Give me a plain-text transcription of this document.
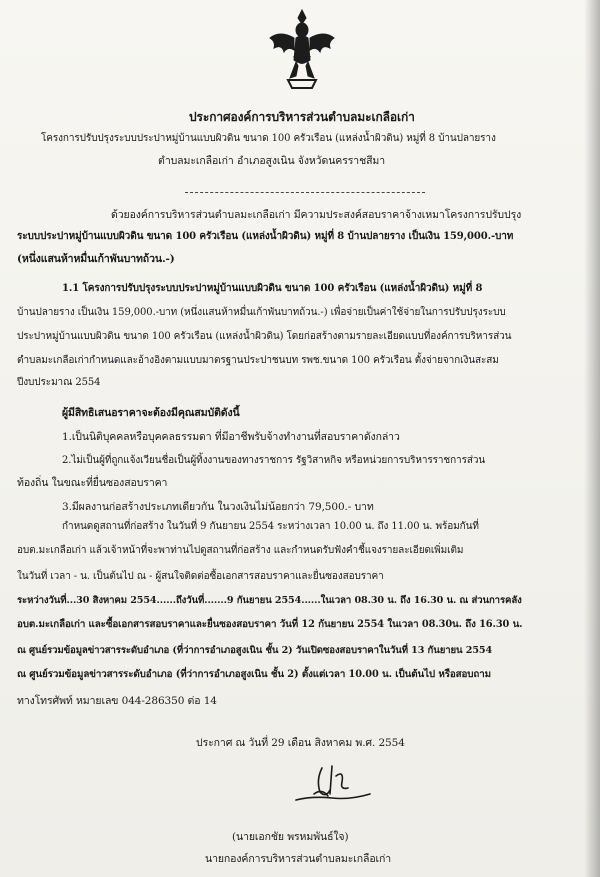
ประกาศองค์การบริหารส่วนตำบลมะเกลือเก่า
โครงการปรับปรุงระบบประปาหมู่บ้านแบบผิวดิน ขนาด 100 ครัวเรือน (แหล่งน้ำผิวดิน) หมู่ที่ 8 บ้านปลายราง
ตำบลมะเกลือเก่า อำเภอสูงเนิน จังหวัดนครราชสีมา
ด้วยองค์การบริหารส่วนตำบลมะเกลือเก่า มีความประสงค์สอบราคาจ้างเหมาโครงการปรับปรุง
ระบบประปาหมู่บ้านแบบผิวดิน ขนาด 100 ครัวเรือน (แหล่งน้ำผิวดิน) หมู่ที่ 8 บ้านปลายราง เป็นเงิน 159,000.-บาท
(หนึ่งแสนห้าหมื่นเก้าพันบาทถ้วน.-)
1.1 โครงการปรับปรุงระบบประปาหมู่บ้านแบบผิวดิน ขนาด 100 ครัวเรือน (แหล่งน้ำผิวดิน) หมู่ที่ 8
บ้านปลายราง เป็นเงิน 159,000.-บาท (หนึ่งแสนห้าหมื่นเก้าพันบาทถ้วน.-) เพื่อจ่ายเป็นค่าใช้จ่ายในการปรับปรุงระบบ
ประปาหมู่บ้านแบบผิวดิน ขนาด 100 ครัวเรือน (แหล่งน้ำผิวดิน) โดยก่อสร้างตามรายละเอียดแบบที่องค์การบริหารส่วน
ตำบลมะเกลือเก่ากำหนดและอ้างอิงตามแบบมาตรฐานประปาชนบท รพช.ขนาด 100 ครัวเรือน ตั้งจ่ายจากเงินสะสม
ปีงบประมาณ 2554
ผู้มีสิทธิเสนอราคาจะต้องมีคุณสมบัติดังนี้
1.เป็นนิติบุคคลหรือบุคคลธรรมดา ที่มีอาชีพรับจ้างทำงานที่สอบราคาดังกล่าว
2.ไม่เป็นผู้ที่ถูกแจ้งเวียนชื่อเป็นผู้ทิ้งงานของทางราชการ รัฐวิสาหกิจ หรือหน่วยการบริหารราชการส่วน
ท้องถิ่น ในขณะที่ยื่นซองสอบราคา
3.มีผลงานก่อสร้างประเภทเดียวกัน ในวงเงินไม่น้อยกว่า 79,500.- บาท
กำหนดดูสถานที่ก่อสร้าง ในวันที่ 9 กันยายน 2554 ระหว่างเวลา 10.00 น. ถึง 11.00 น. พร้อมกันที่
อบต.มะเกลือเก่า แล้วเจ้าหน้าที่จะพาท่านไปดูสถานที่ก่อสร้าง และกำหนดรับฟังคำชี้แจงรายละเอียดเพิ่มเติม
ในวันที่ เวลา - น. เป็นต้นไป ณ - ผู้สนใจติดต่อซื้อเอกสารสอบราคาและยื่นซองสอบราคา
ระหว่างวันที่...30 สิงหาคม 2554......ถึงวันที่.......9 กันยายน 2554......ในเวลา 08.30 น. ถึง 16.30 น. ณ ส่วนการคลัง
อบต.มะเกลือเก่า และซื้อเอกสารสอบราคาและยื่นซองสอบราคา วันที่ 12 กันยายน 2554 ในเวลา 08.30น. ถึง 16.30 น.
ณ ศูนย์รวมข้อมูลข่าวสารระดับอำเภอ (ที่ว่าการอำเภอสูงเนิน ชั้น 2) วันเปิดซองสอบราคาในวันที่ 13 กันยายน 2554
ณ ศูนย์รวมข้อมูลข่าวสารระดับอำเภอ (ที่ว่าการอำเภอสูงเนิน ชั้น 2) ตั้งแต่เวลา 10.00 น. เป็นต้นไป หรือสอบถาม
ทางโทรศัพท์ หมายเลข 044-286350 ต่อ 14
ประกาศ ณ วันที่ 29 เดือน สิงหาคม พ.ศ. 2554
(นายเอกชัย พรหมพันธ์ใจ)
นายกองค์การบริหารส่วนตำบลมะเกลือเก่า
